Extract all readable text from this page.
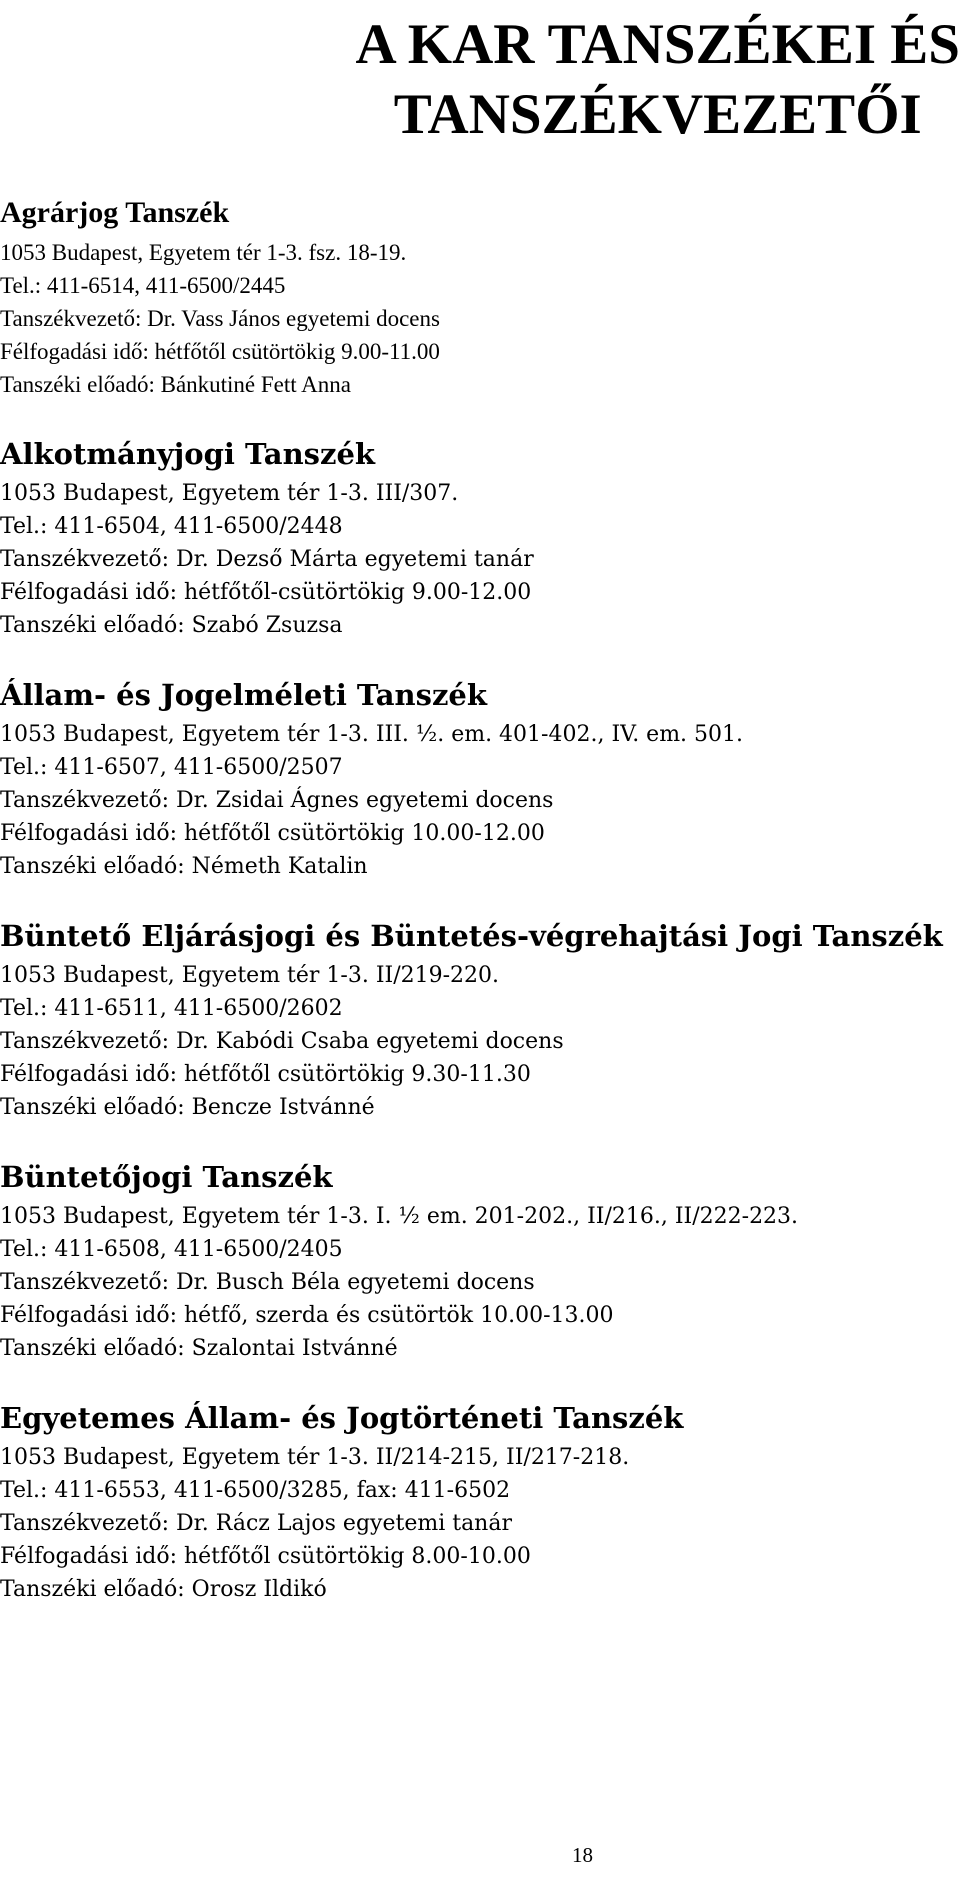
A KAR TANSZÉKEI ÉS
TANSZÉKVEZETŐI
Agrárjog Tanszék

1053 Budapest, Egyetem tér 1-3. fsz. 18-19.

Tel.: 411-6514, 411-6500/2445

Tanszékvezető: Dr. Vass János egyetemi docens

Félfogadási idő: hétfőtől csütörtökig 9.00-11.00

Tanszéki előadó: Bánkutiné Fett Anna

Alkotmányjogi Tanszék

1053 Budapest, Egyetem tér 1-3. III/307.

Tel.: 411-6504, 411-6500/2448

Tanszékvezető: Dr. Dezső Márta egyetemi tanár

Félfogadási idő: hétfőtől-csütörtökig 9.00-12.00

Tanszéki előadó: Szabó Zsuzsa

Állam- és Jogelméleti Tanszék

1053 Budapest, Egyetem tér 1-3. III. ½. em. 401-402., IV. em. 501.

Tel.: 411-6507, 411-6500/2507

Tanszékvezető: Dr. Zsidai Ágnes egyetemi docens

Félfogadási idő: hétfőtől csütörtökig 10.00-12.00

Tanszéki előadó: Németh Katalin

Büntető Eljárásjogi és Büntetés-végrehajtási Jogi Tanszék

1053 Budapest, Egyetem tér 1-3. II/219-220.

Tel.: 411-6511, 411-6500/2602

Tanszékvezető: Dr. Kabódi Csaba egyetemi docens

Félfogadási idő: hétfőtől csütörtökig 9.30-11.30

Tanszéki előadó: Bencze Istvánné

Büntetőjogi Tanszék

1053 Budapest, Egyetem tér 1-3. I. ½ em. 201-202., II/216., II/222-223.

Tel.: 411-6508, 411-6500/2405

Tanszékvezető: Dr. Busch Béla egyetemi docens

Félfogadási idő: hétfő, szerda és csütörtök 10.00-13.00

Tanszéki előadó: Szalontai Istvánné

Egyetemes Állam- és Jogtörténeti Tanszék

1053 Budapest, Egyetem tér 1-3. II/214-215, II/217-218.

Tel.: 411-6553, 411-6500/3285, fax: 411-6502

Tanszékvezető: Dr. Rácz Lajos egyetemi tanár

Félfogadási idő: hétfőtől csütörtökig 8.00-10.00

Tanszéki előadó: Orosz Ildikó

18
